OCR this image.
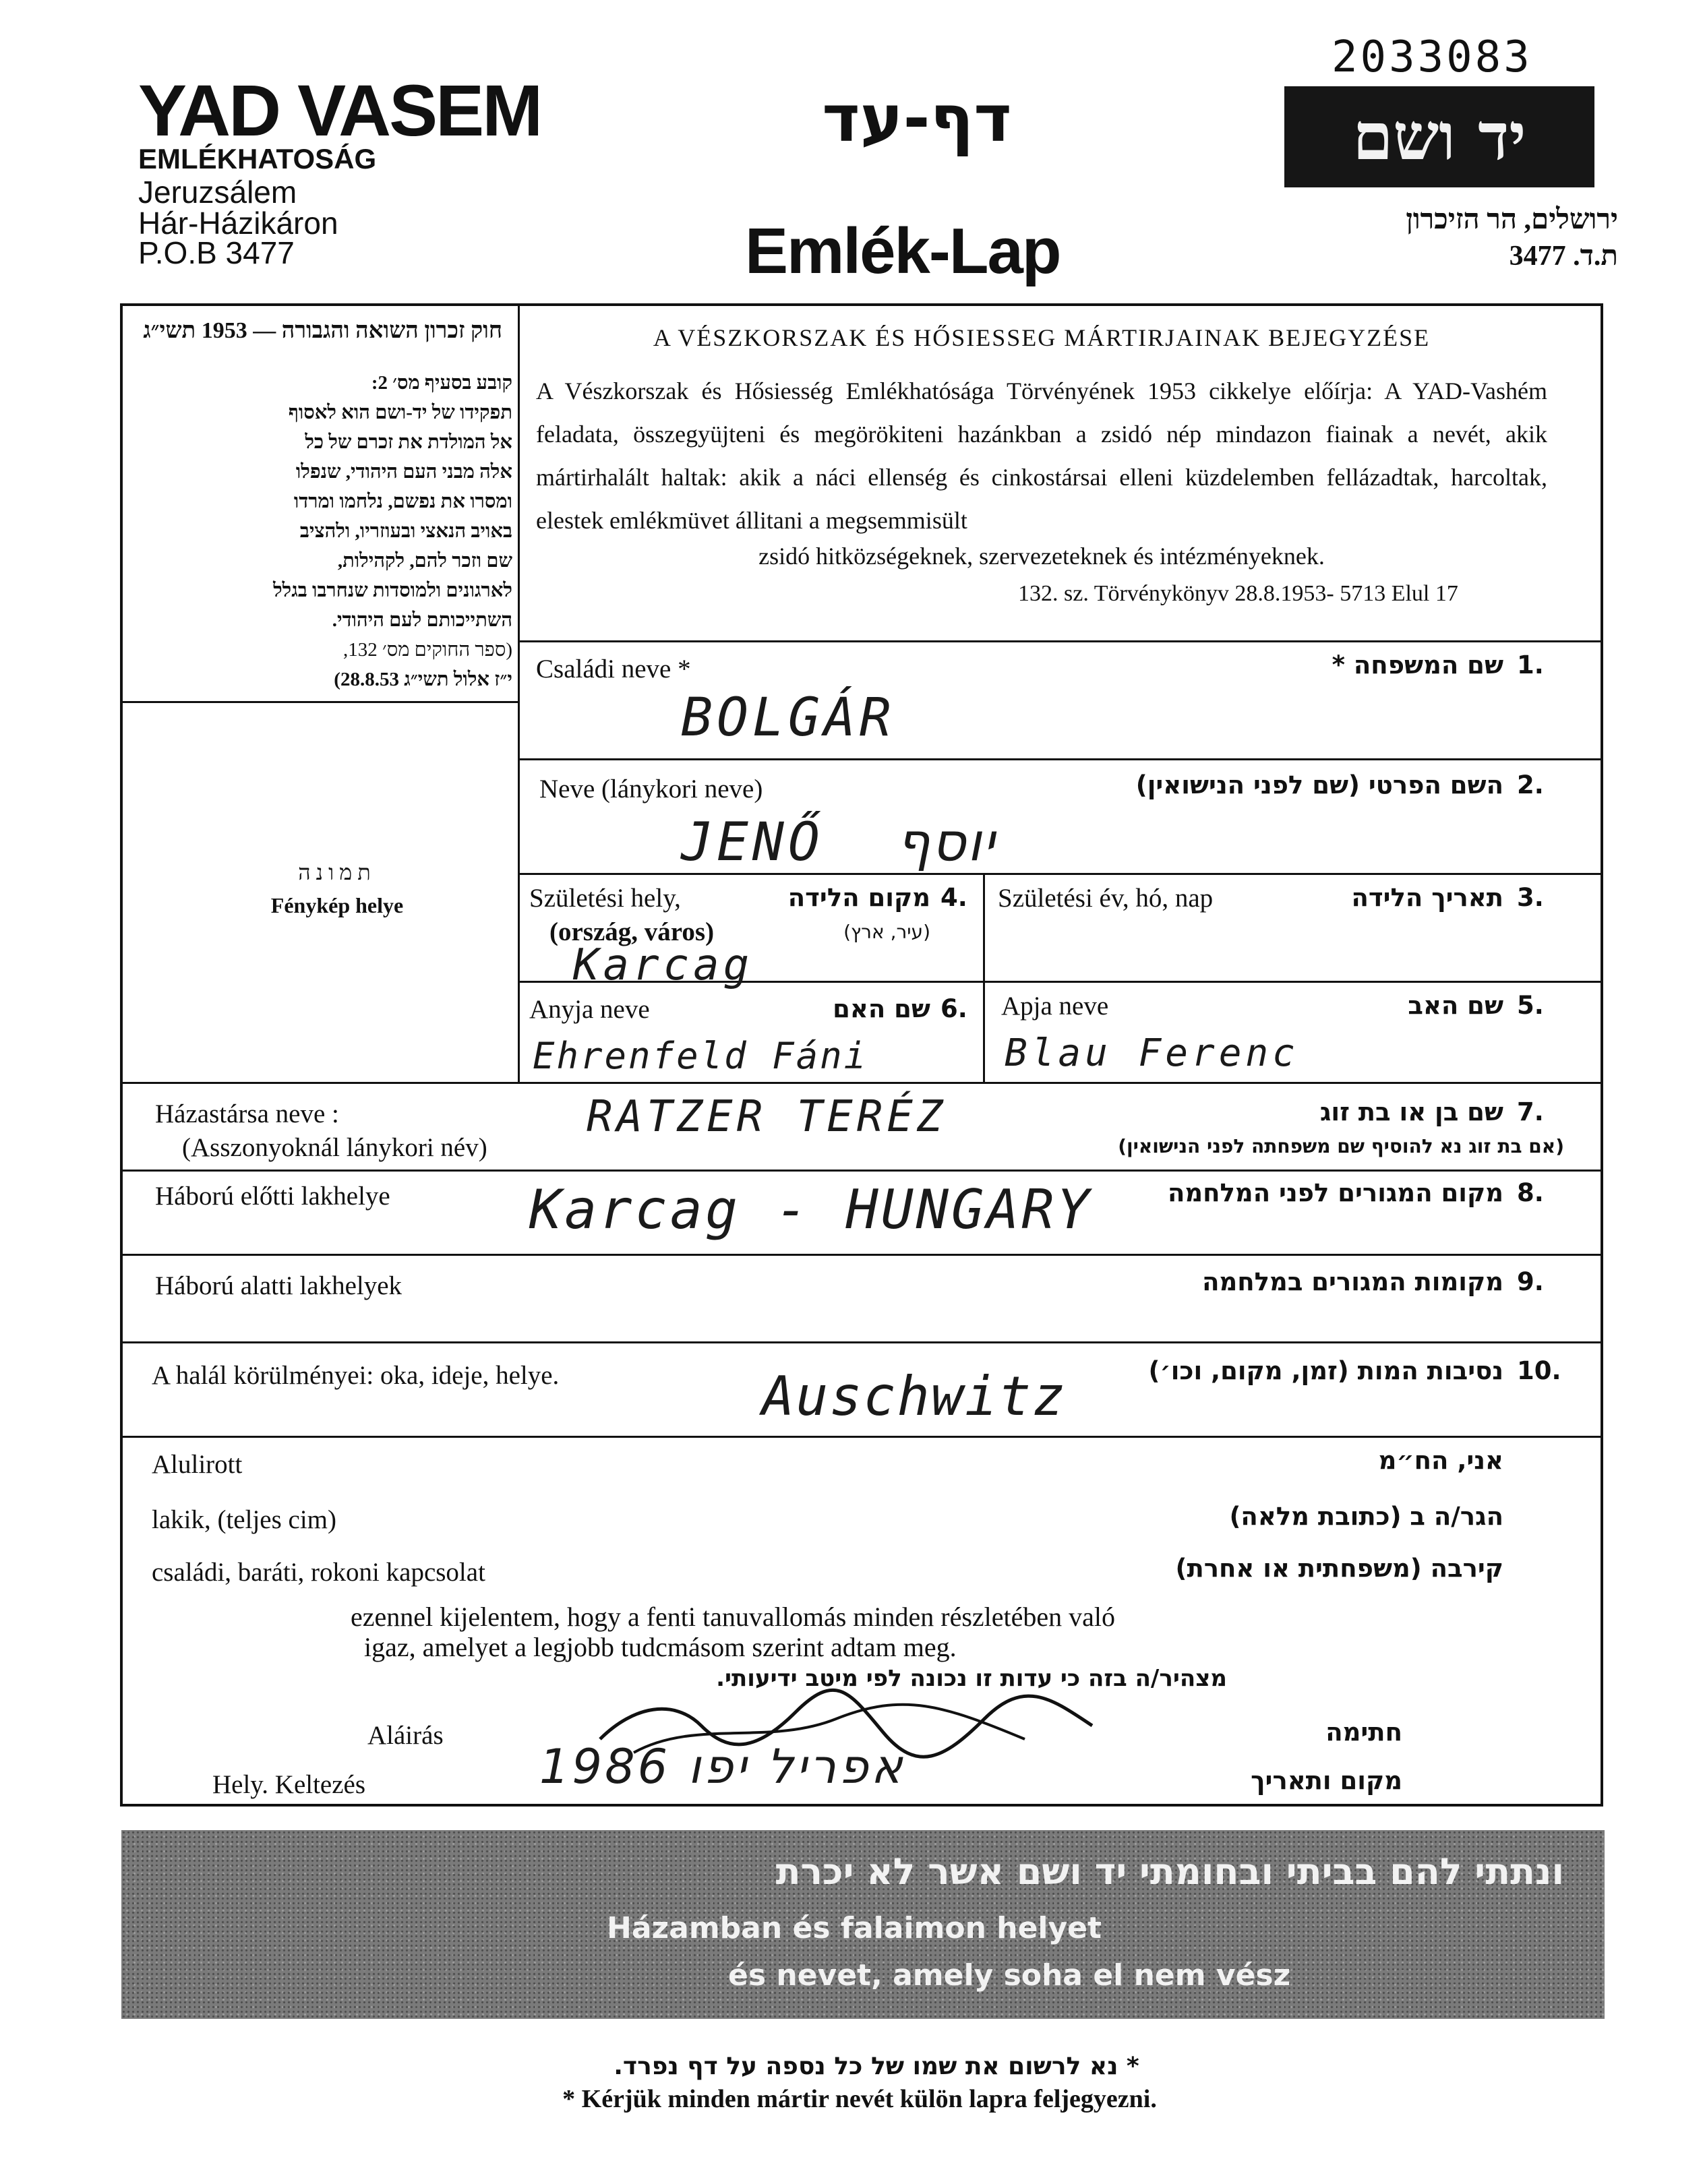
2033083
YAD VASEM
EMLÉKHATOSÁG
Jeruzsálem
Hár-Házikáron
P.O.B 3477
דף-עד
Emlék-Lap
יד ושם
ירושלים, הר הזיכרון
ת.ד. 3477
חוק זכרון השואה והגבורה — 1953 תשי״ג
קובע בסעיף מס׳ 2:
תפקידו של יד-ושם הוא לאסוף
אל המולדת את זכרם של כל
אלה מבני העם היהודי, שנפלו
ומסרו את נפשם, נלחמו ומרדו
באויב הנאצי ובעוזריו, ולהציב
שם וזכר להם, לקהילות,
לארגונים ולמוסדות שנחרבו בגלל
השתייכותם לעם היהודי.
(ספר החוקים מס׳ 132,
י״ז אלול תשי״ג 28.8.53)
תמונה
Fénykép helye
A VÉSZKORSZAK ÉS HŐSIESSEG MÁRTIRJAINAK BEJEGYZÉSE
A Vészkorszak és Hősiesség Emlékhatósága Törvényének 1953 cikkelye előírja: A YAD-Vashém feladata, összegyüjteni és megörökiteni hazánkban a zsidó nép mindazon fiainak a nevét, akik mártirhalált haltak: akik a náci ellenség és cinkostársai elleni küzdelemben fellázadtak, harcoltak, elestek emlékmüvet állitani a megsemmisült
zsidó hitközségeknek, szervezeteknek és intézményeknek.
132. sz. Törvénykönyv 28.8.1953- 5713 Elul 17
Családi neve *	שם המשפחה * 1.
BOLGÁR
Neve (lánykori neve)	השם הפרטי (שם לפני הנישואין) 2.
JENŐ יוסף
Születési hely,
(ország, város)
מקום הלידה
(עיר, ארץ)
4.
Karcag
Születési év, hó, nap	תאריך הלידה 3.
Anyja neve	שם האם 6.
Ehrenfeld Fáni
Apja neve	שם האב 5.
Blau Ferenc
Házastársa neve :
(Asszonyoknál lánykori név)
שם בן או בת זוג
(אם בת זוג נא להוסיף שם משפחתה לפני הנישואין)
7.
RATZER TERÉZ
Háború előtti lakhelye	מקום המגורים לפני המלחמה 8.
Karcag - HUNGARY
Háború alatti lakhelyek	מקומות המגורים במלחמה 9.
A halál körülményei: oka, ideje, helye.	נסיבות המות (זמן, מקום, וכו׳) 10.
Auschwitz
Alulirott	אני, הח״מ
lakik, (teljes cim)	הגר/ה ב (כתובת מלאה)
családi, baráti, rokoni kapcsolat	קירבה (משפחתית או אחרת)
ezennel kijelentem, hogy a fenti tanuvallomás minden részletében való
igaz, amelyet a legjobb tudcmásom szerint adtam meg.
מצהיר/ה בזה כי עדות זו נכונה לפי מיטב ידיעותי.
Aláirás	חתימה
Hely. Keltezés	מקום ותאריך
1986 אפריל יפו
ונתתי להם בביתי ובחומתי יד ושם אשר לא יכרת
Házamban és falaimon helyet
és nevet, amely soha el nem vész
* נא לרשום את שמו של כל נספה על דף נפרד.
* Kérjük minden mártir nevét külön lapra feljegyezni.
